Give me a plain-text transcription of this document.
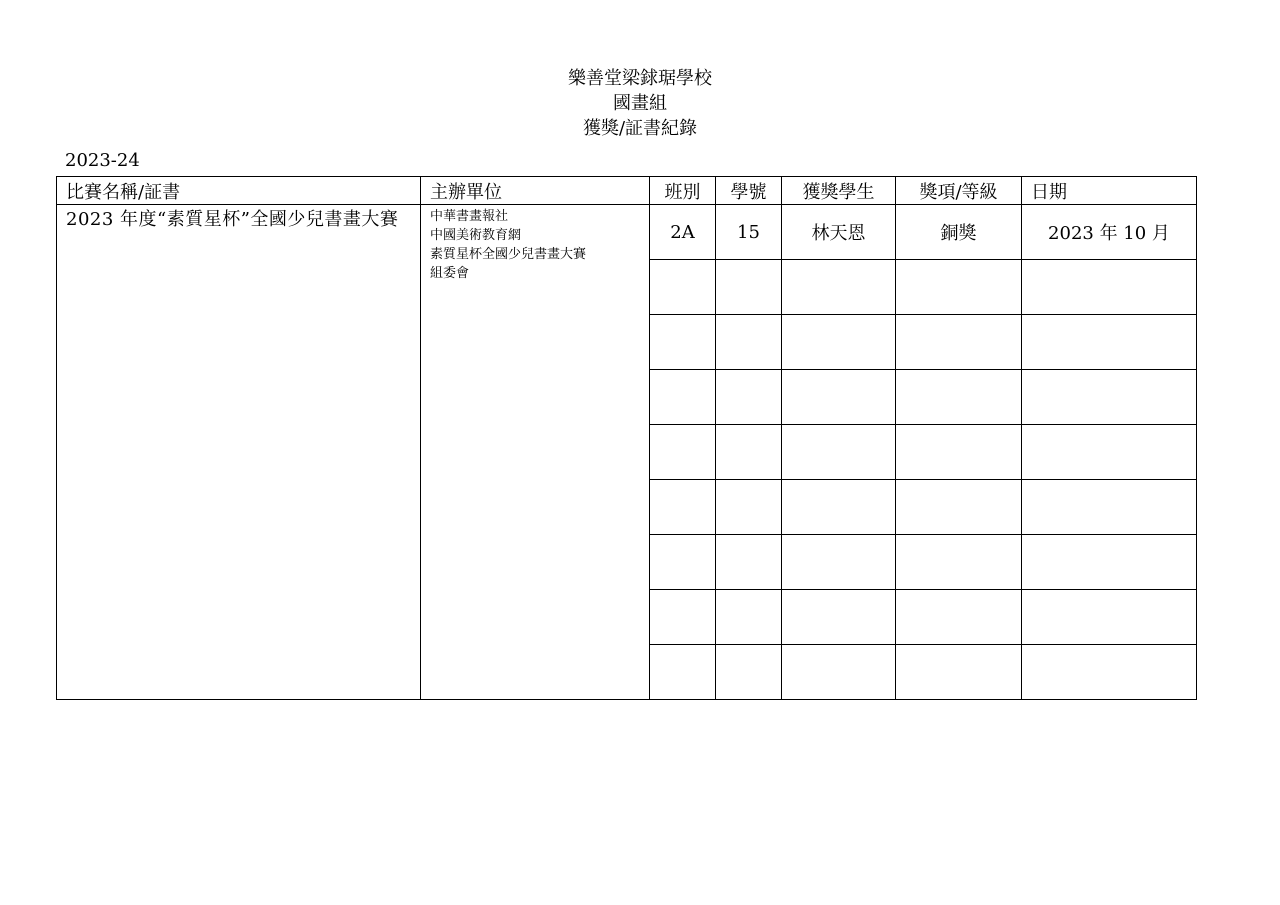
樂善堂梁銶琚學校
國畫組
獲獎/証書紀錄
2023-24
比賽名稱/証書	主辦單位	班別	學號	獲獎學生	獎項/等級	日期

2023 年度“素質星杯”全國少兒書畫大賽	中華書畫報社
中國美術教育網
素質星杯全國少兒書畫大賽
組委會	2A	15	林天恩	銅獎	2023 年 10 月
